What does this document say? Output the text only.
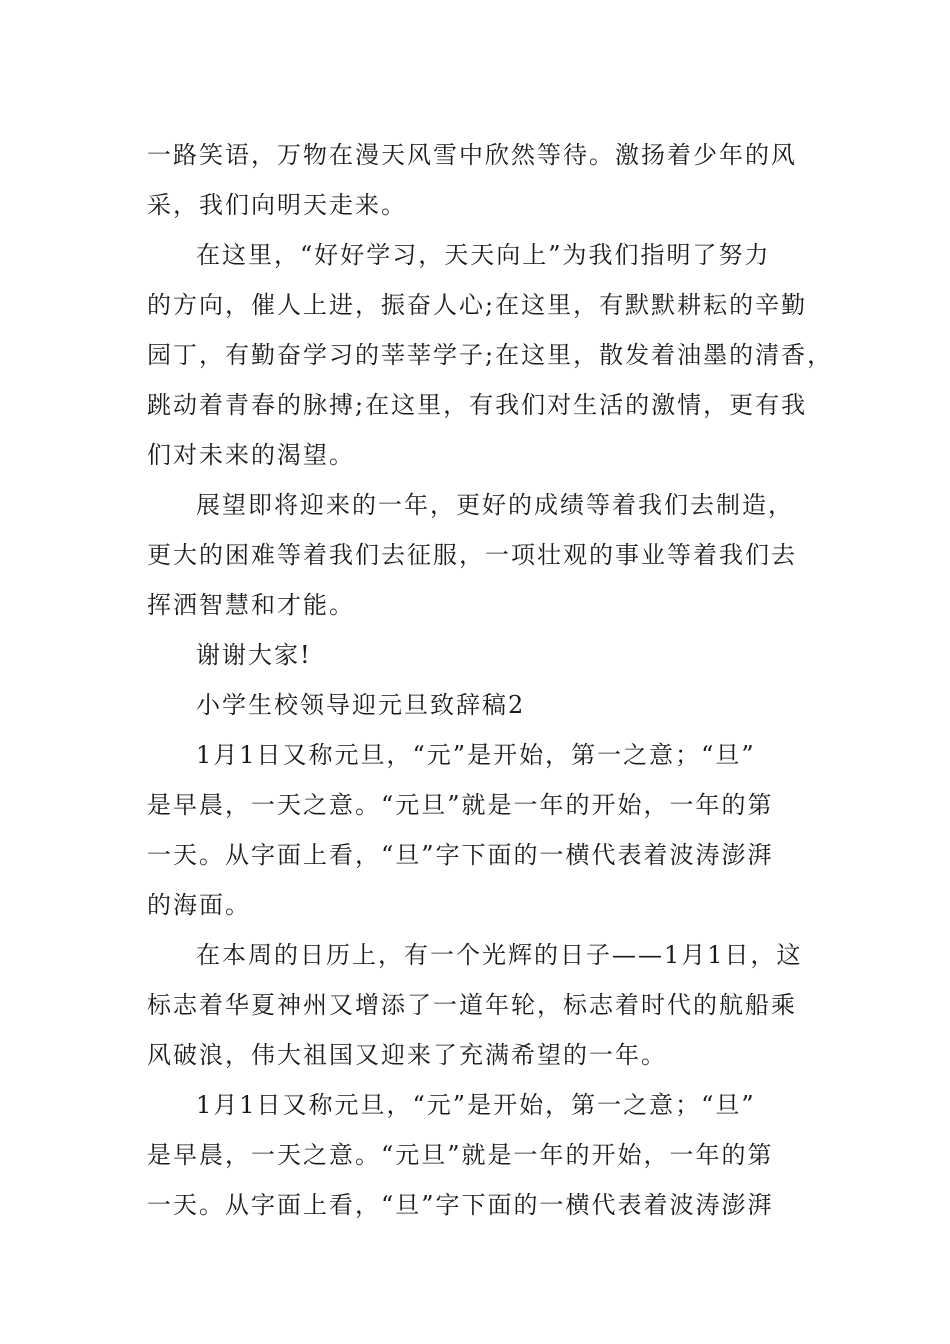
一路笑语，万物在漫天风雪中欣然等待。激扬着少年的风
采，我们向明天走来。
在这里，“好好学习，天天向上”为我们指明了努力
的方向，催人上进，振奋人心;在这里，有默默耕耘的辛勤
园丁，有勤奋学习的莘莘学子;在这里，散发着油墨的清香，
跳动着青春的脉搏;在这里，有我们对生活的激情，更有我
们对未来的渴望。
展望即将迎来的一年，更好的成绩等着我们去制造，
更大的困难等着我们去征服，一项壮观的事业等着我们去
挥洒智慧和才能。
谢谢大家!
小学生校领导迎元旦致辞稿2
1月1日又称元旦，“元”是开始，第一之意；“旦”
是早晨，一天之意。“元旦”就是一年的开始，一年的第
一天。从字面上看，“旦”字下面的一横代表着波涛澎湃
的海面。
在本周的日历上，有一个光辉的日子——1月1日，这
标志着华夏神州又增添了一道年轮，标志着时代的航船乘
风破浪，伟大祖国又迎来了充满希望的一年。
1月1日又称元旦，“元”是开始，第一之意；“旦”
是早晨，一天之意。“元旦”就是一年的开始，一年的第
一天。从字面上看，“旦”字下面的一横代表着波涛澎湃
